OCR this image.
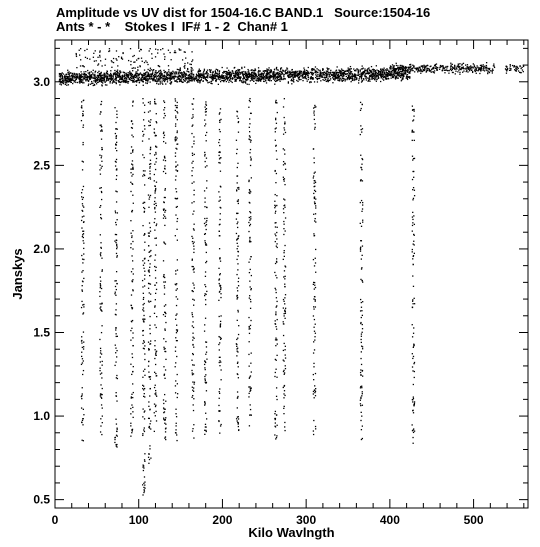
Amplitude vs UV dist for 1504-16.C BAND.1   Source:1504-16
Ants * - *    Stokes I  IF# 1 - 2  Chan# 1
0	100	200	300	400	500
0.5
1.0
1.5
2.0
2.5
3.0
Kilo Wavlngth
Janskys
